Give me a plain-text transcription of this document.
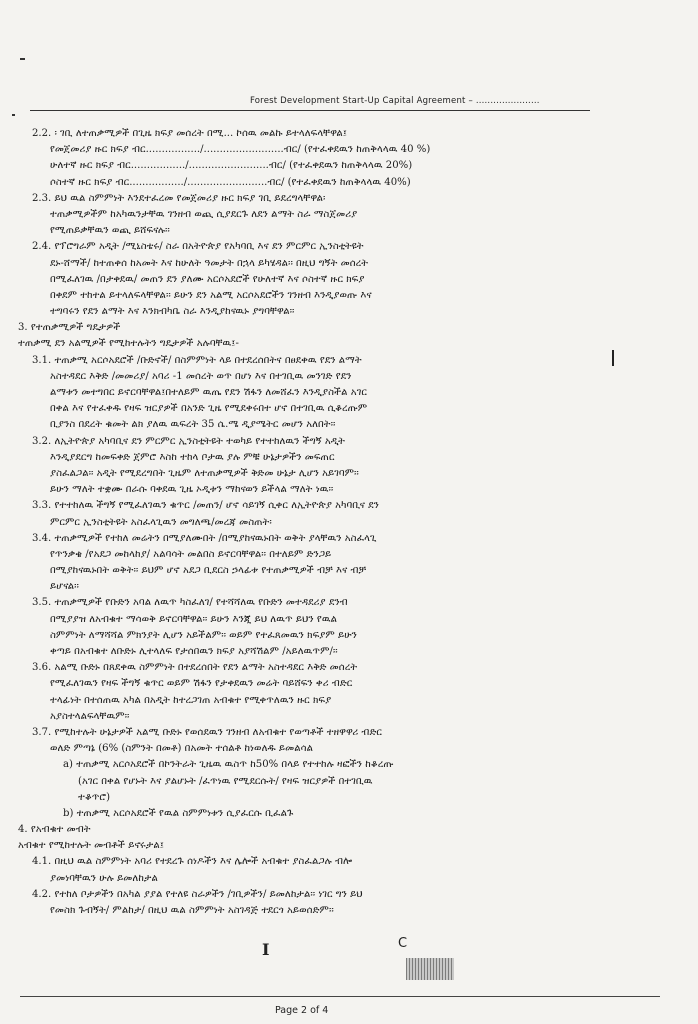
Forest Development Start-Up Capital Agreement – ......................
2.2. ፡ ገቢ ለተጠቃሚዎች በጊዜ ክፍያ መሰረት በሚ... ኮሰዉ መልኩ ይተላለፍላቸዋል፤
የመጀመሪያ ዙር ክፍያ ብር................./.........................ብር/ (የተፈቀደዉን ከጠቅላላዉ 40 %)
ሁለተኛ ዙር ክፍያ ብር................./.........................ብር/ (የተፈቀደዉን ከጠቅላላዉ 20%)
ሶስተኛ ዙር ክፍያ ብር................./.........................ብር/ (የተፈቀደዉን ከጠቅላላዉ 40%)
2.3. ይህ ዉል ስምምነት እንደተፈረመ የመጀመሪያ ዙር ክፍያ ገቢ ይደረግላቸዋል፡
ተጠቃሚዎችም ከአካዉንታቸዉ ገንዘብ ወጪ ሲያደርጉ ለደን ልማት ስራ ማስጀመሪያ
የሚጠይቃቸዉን ወጪ ይሸፍናሉ፡፡
2.4. የፕሮግራም አዲት /ሚኒስቴሩ/ ስራ በአትዮጵያ የአካባቢ እና ደን ምርምር ኢንስቲትዩት
ደኑ-ሸማች/ ከተጠቀሰ ከአመት እና ከሁለት ዓመታት በኋላ ይካሄዳል፡፡ በዚህ ግኝት መሰረት
በሚፈለገዉ /በታቀደዉ/ መጠን ደን ያለሙ አርሶአደሮች የሁለተኛ እና ሶስተኛ ዙር ክፍያ
በቀደም ተከተል ይተላለፍላቸዋል፡፡ ይሁን ደን አልሚ አርሶአደሮችን ገንዘብ እንዲያወጡ እና
ተግባሩን የደን ልማት እና እንክብካቤ ስራ እንዲያከናዉኑ ያግባቸዋል፡፡
3. የተጠቃሚዎች ግዴታዎች
ተጠቃሚ ደን አልሚዎች የሚከተሉትን ግዴታዎች አሉባቸዉ፤-
3.1. ተጠቃሚ አርሶአደሮች /ቡድኖች/ በስምምነት ላይ በተደረሰበትና በፀደቀዉ የደን ልማት
አስተዳደር እቅድ /መመሪያ/ አባሪ -1 መሰረት ወጥ በሆነ እና በተገቢዉ መንገድ የደን
ልማቱን መተግበር ይኖርባቸዋል፤በተለይም ዉጤ የደን ሽፋን ለመሸፈን እንዲያስችል አገር
በቀል እና የተፈቀዱ የዛፍ ዝርያዎች በአንድ ጊዜ የሚደቀሩበተ ሆኖ በተገቢዉ ሲቆረጡም
ቢያንስ በደረት ቁመት ልክ ያለዉ ዉፍረት 35 ሴ.ሜ ዲያሜትር መሆን አለበት፡፡
3.2. ለኢትዮጵያ አካባቢና ደን ምርምር ኢንስቲትዩት ተወካይ የተተከለዉን ችግኝ አዲት
እንዲያደርግ ከመፍቀድ ጀምሮ እስከ ተከላ ቦታዉ ያሉ ምቹ ሁኔታዎችን መፍጠር
ያስፈልጋል፡፡ አዲት የሚደረግበት ጊዜም ለተጠቃሚዎች ቅድመ ሁኔታ ሊሆን አይገባም፡፡
ይሁን ማለት ተቋሙ በራሱ ባቀደዉ ጊዜ ኦዲቱን ማከናወን ይችላል ማለት ነዉ፡፡
3.3. የተተከለዉ ችግኝ የሚፈለገዉን ቁጥር /መጠን/ ሆኖ ሳይገኝ ሲቀር ለኢትዮጵያ አካባቢና ደን
ምርምር ኢንስቲትዩት አስፈላጊዉን መግለጫ/መረጃ መስጠት፡
3.4. ተጠቃሚዎች የተከለ መሬትን በሚያለሙበት /በሚያከናዉኑበት ወቅት ያላቸዉን አስፈላጊ
የጥንቃቄ /የአደጋ መከላከያ/ አልባሳት መልበስ ይኖርባቸዋል፡፡ በተለይም ድንጋይ
በሚያከናዉኑበት ወቅት፡፡ ይህም ሆኖ አደጋ ቢደርስ ኃላፊቱ የተጠቃሚዎች ብቻ እና ብቻ
ይሆናል፡፡
3.5. ተጠቃሚዎች የቡድን አባል ለዉጥ ካስፈለገ/ የተሻሻለዉ የቡድን መተዳደሪያ ደንብ
በሚያያዝ ለአብቁተ ማሳወቅ ይኖርባቸዋል፡፡ ይሁን እንጂ ይህ ለዉጥ ይህን የዉል
ስምምነት ለማሻሻል ምክንያት ሊሆን አይችልም፡፡ ወይም የተፈጸመዉን ክፍያም ይሁን
ቀጣይ በአብቁተ ለቡድኑ ሊተላለፍ የታሰበዉን ክፍያ አያሻሽልም /አይለዉጥም/፡፡
3.6. አልሚ ቡድኑ በጸደቀዉ ስምምነት በተደረሰበት የደን ልማት አስተዳደር እቅድ መሰረት
የሚፈለገዉን የዛፍ ችግኝ ቁጥር ወይም ሽፋን የታቀደዉን መሬት ባይሸፍን ቀሪ ብድር
ተላፊነት በተሰጠዉ አካል በአዲት ከተረጋገጠ አብቁተ የሚቀጥለዉን ዙር ክፍያ
አያስተላልፍላቸዉም፡፡
3.7. የሚከተሉት ሁኔታዎች አልሚ ቡድኑ የወሰደዉን ገንዘብ ለአብቁተ የወጣቶች ተዘዋዋሪ ብድር
ወለድ ምጣኔ (6% (ስምንት በመቶ) በአመት ተሰልቶ ከነወለዱ ይመልሳል
a) ተጠቃሚ አርሶአደሮች በኮንትራት ጊዜዉ ዉስጥ ከ50% በላይ የተተከሉ ዛፎችን ከቆረጡ
(አገር በቀል የሆኑት እና ያልሆኑት /ፈጥነዉ የሚደርሱት/ የዛፍ ዝርያዎች በተገቢዉ
ተቆጥሮ)
b) ተጠቃሚ አርሶአደሮች የዉል ስምምነቱን ሲያፈርሱ ቢፈልጉ
4. የአብቁተ መብት
አብቁተ የሚከተሉት መብቶች ይኖሩታል፤
4.1. በዚህ ዉል ስምምነት አባሪ የተደረጉ ሰነዶችን እና ሌሎች አብቁተ ያስፈልጋሉ ብሎ
ያመነባቸዉን ሁሉ ይመለከታል
4.2. የተከለ ቦታዎችን በአካል ያያል የተለዩ ስራዎችን /ገቢዎችን/ ይመለከታል፡፡ ነገር ግን ይህ
የመስክ ጉብኝት/ ምልከታ/ በዚህ ዉል ስምምነት አስገዳጅ ተደርጎ አይወሰድም፡፡
I	C
Page 2 of 4
